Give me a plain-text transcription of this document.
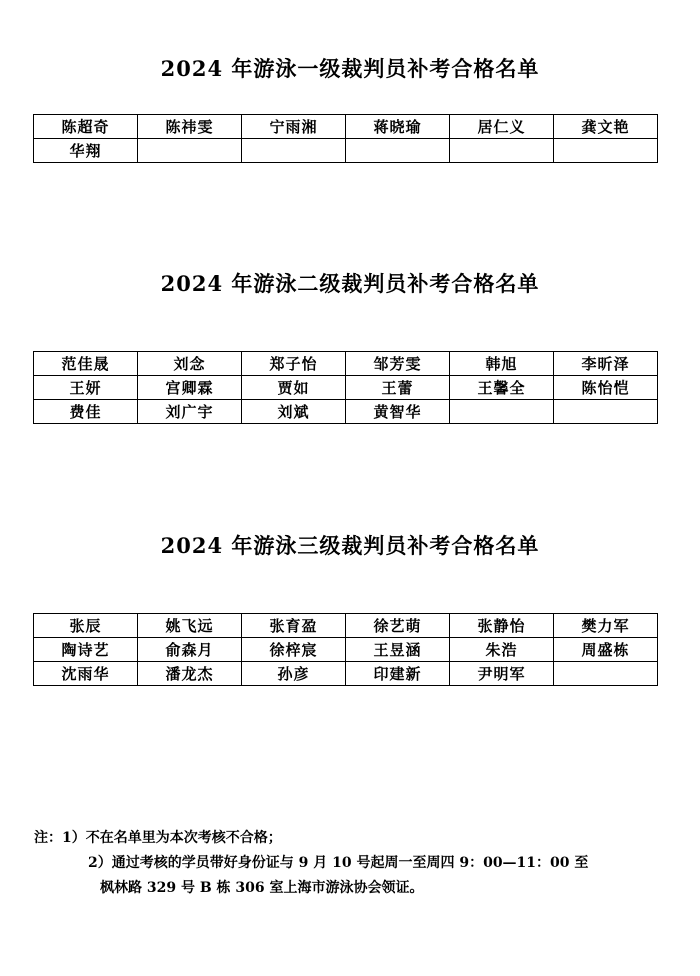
2024 年游泳一级裁判员补考合格名单
陈超奇	陈祎雯	宁雨湘	蒋晓瑜	居仁义	龚文艳
华翔					
2024 年游泳二级裁判员补考合格名单
范佳晟	刘念	郑子怡	邹芳雯	韩旭	李昕泽
王妍	宫卿霖	贾如	王蕾	王馨全	陈怡恺
费佳	刘广宇	刘斌	黄智华		
2024 年游泳三级裁判员补考合格名单
张辰	姚飞远	张育盈	徐艺萌	张静怡	樊力军
陶诗艺	俞森月	徐梓宸	王昱涵	朱浩	周盛栋
沈雨华	潘龙杰	孙彦	印建新	尹明军	
注：1）不在名单里为本次考核不合格；
2）通过考核的学员带好身份证与 9 月 10 号起周一至周四 9：00—11：00 至
枫林路 329 号 B 栋 306 室上海市游泳协会领证。
